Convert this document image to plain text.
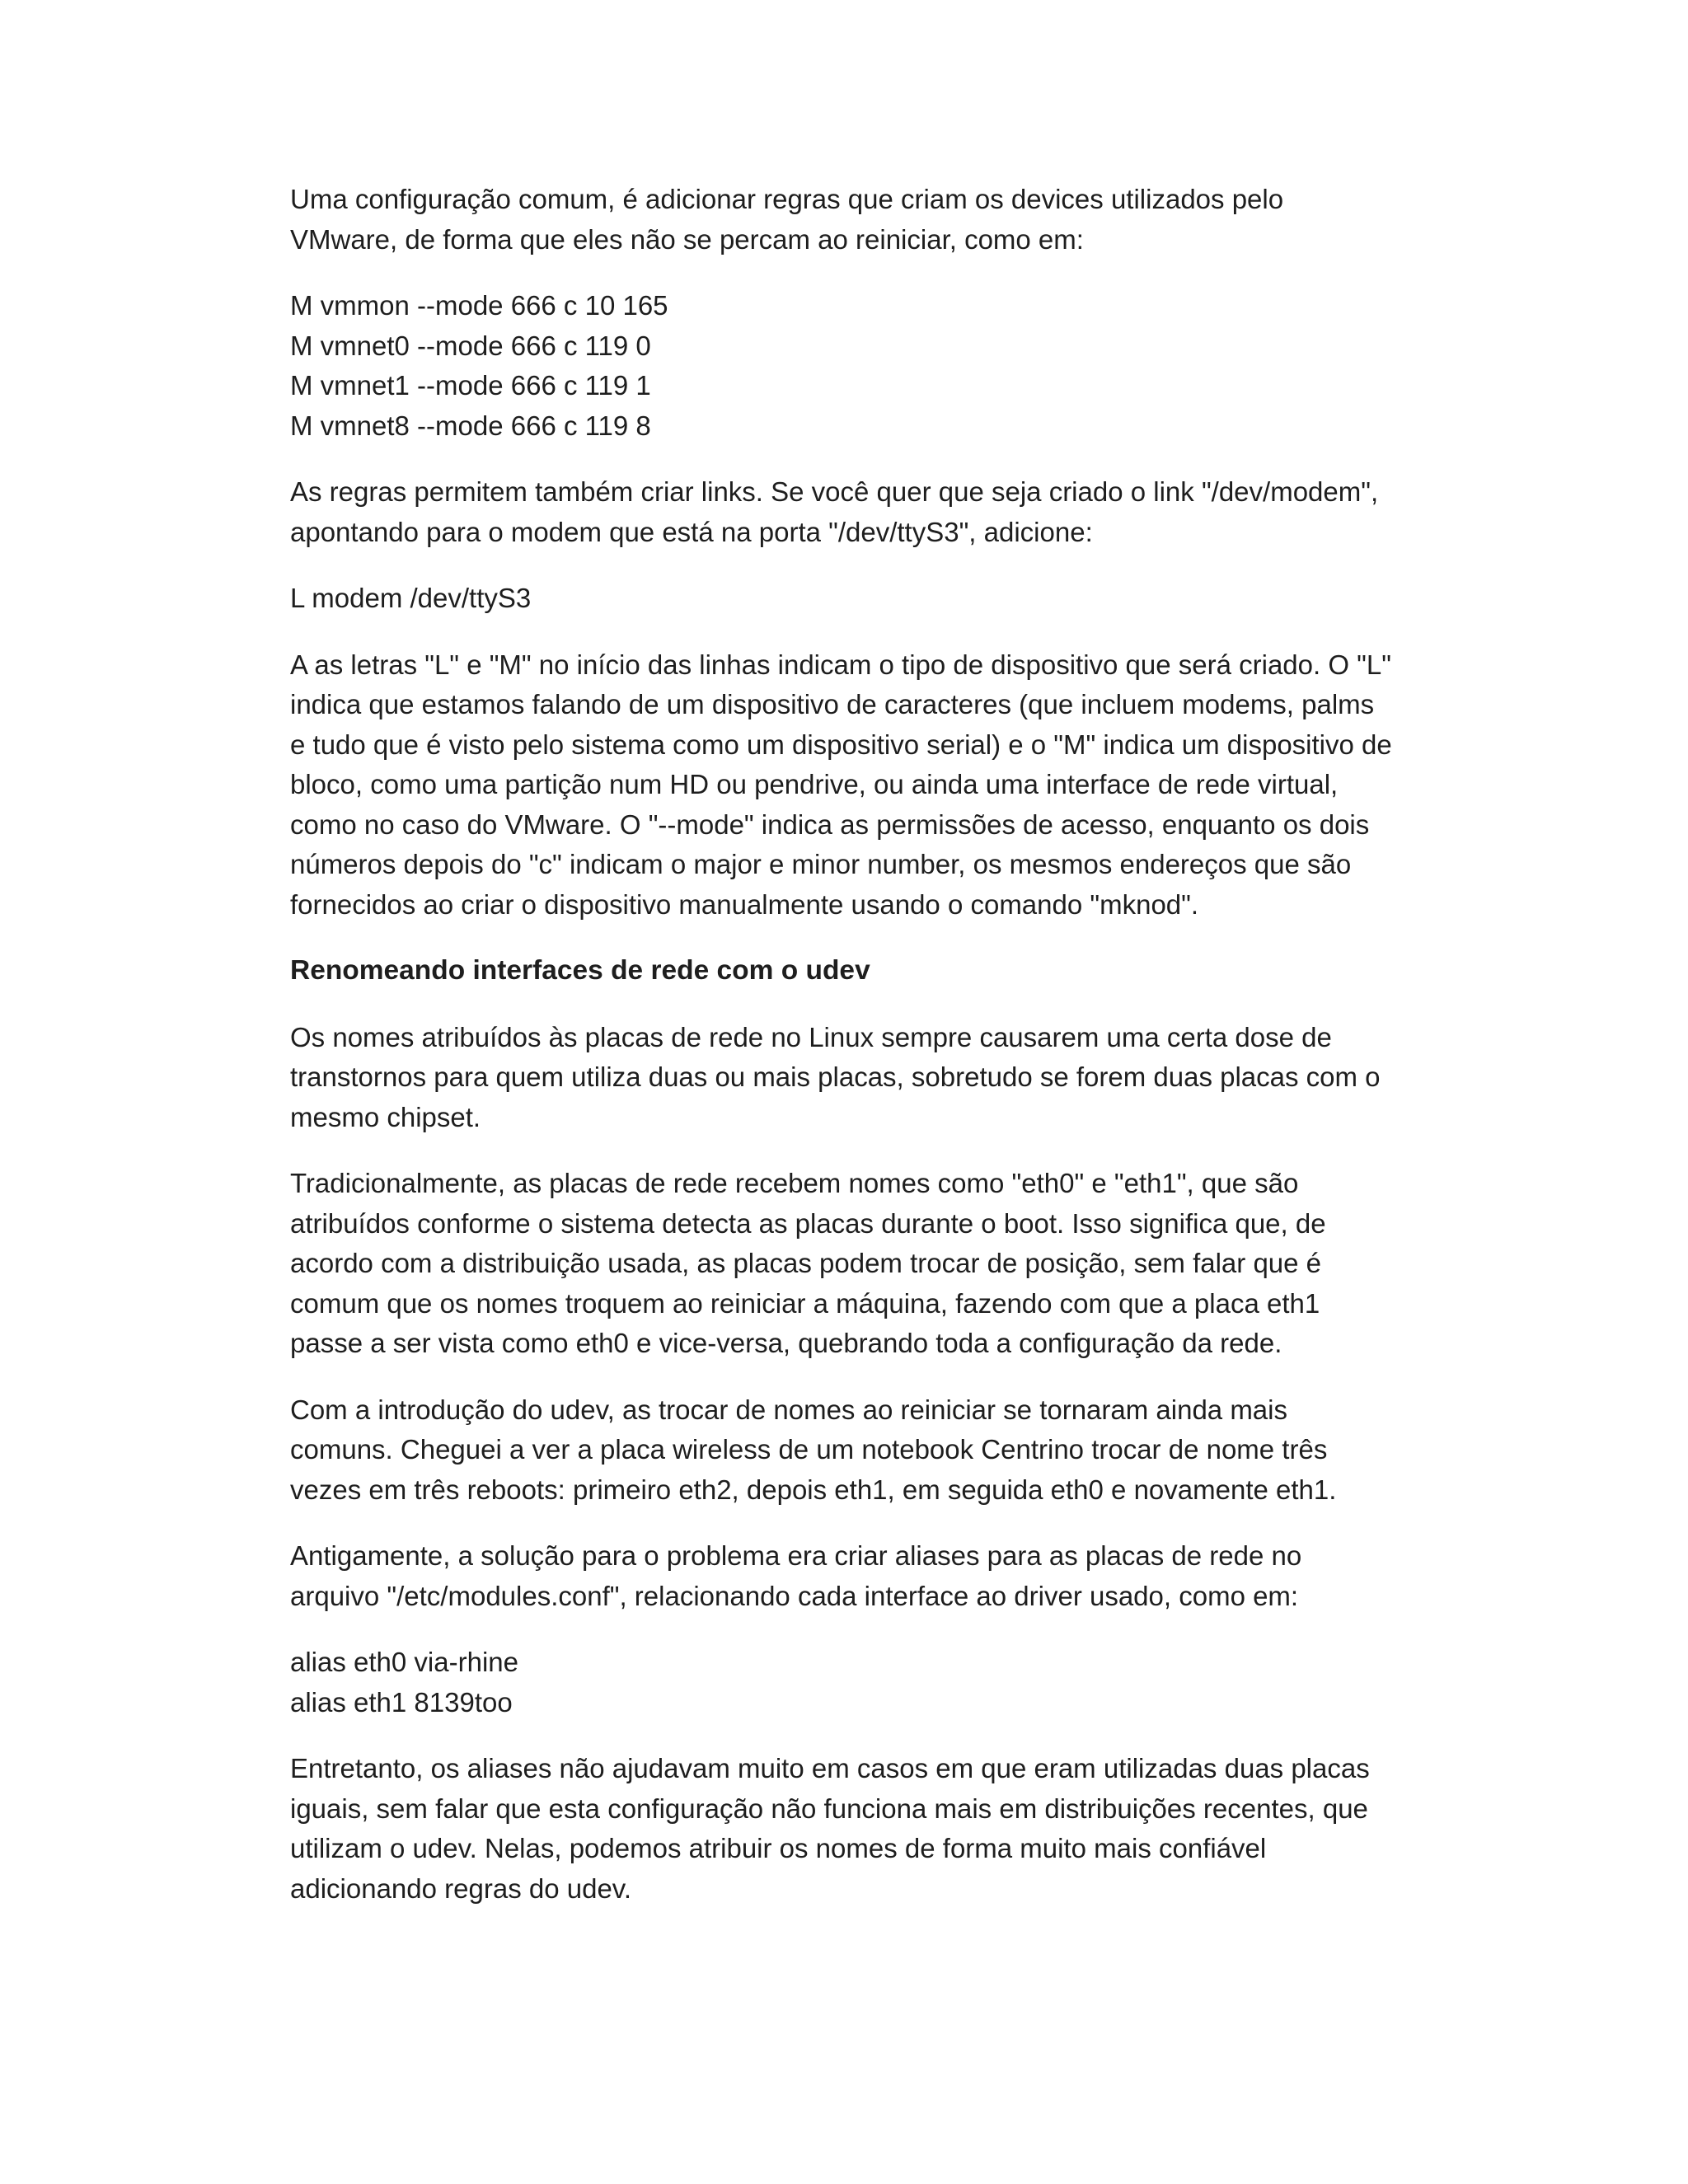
Uma configuração comum, é adicionar regras que criam os devices utilizados pelo VMware, de forma que eles não se percam ao reiniciar, como em:

M vmmon --mode 666 c 10 165
M vmnet0 --mode 666 c 119 0
M vmnet1 --mode 666 c 119 1
M vmnet8 --mode 666 c 119 8

As regras permitem também criar links. Se você quer que seja criado o link "/dev/modem", apontando para o modem que está na porta "/dev/ttyS3", adicione:

L modem /dev/ttyS3

A as letras "L" e "M" no início das linhas indicam o tipo de dispositivo que será criado. O "L" indica que estamos falando de um dispositivo de caracteres (que incluem modems, palms e tudo que é visto pelo sistema como um dispositivo serial) e o "M" indica um dispositivo de bloco, como uma partição num HD ou pendrive, ou ainda uma interface de rede virtual, como no caso do VMware. O "--mode" indica as permissões de acesso, enquanto os dois números depois do "c" indicam o major e minor number, os mesmos endereços que são fornecidos ao criar o dispositivo manualmente usando o comando "mknod".

Renomeando interfaces de rede com o udev

Os nomes atribuídos às placas de rede no Linux sempre causarem uma certa dose de transtornos para quem utiliza duas ou mais placas, sobretudo se forem duas placas com o mesmo chipset.

Tradicionalmente, as placas de rede recebem nomes como "eth0" e "eth1", que são atribuídos conforme o sistema detecta as placas durante o boot. Isso significa que, de acordo com a distribuição usada, as placas podem trocar de posição, sem falar que é comum que os nomes troquem ao reiniciar a máquina, fazendo com que a placa eth1 passe a ser vista como eth0 e vice-versa, quebrando toda a configuração da rede.

Com a introdução do udev, as trocar de nomes ao reiniciar se tornaram ainda mais comuns. Cheguei a ver a placa wireless de um notebook Centrino trocar de nome três vezes em três reboots: primeiro eth2, depois eth1, em seguida eth0 e novamente eth1.

Antigamente, a solução para o problema era criar aliases para as placas de rede no arquivo "/etc/modules.conf", relacionando cada interface ao driver usado, como em:

alias eth0 via-rhine
alias eth1 8139too

Entretanto, os aliases não ajudavam muito em casos em que eram utilizadas duas placas iguais, sem falar que esta configuração não funciona mais em distribuições recentes, que utilizam o udev. Nelas, podemos atribuir os nomes de forma muito mais confiável adicionando regras do udev.
